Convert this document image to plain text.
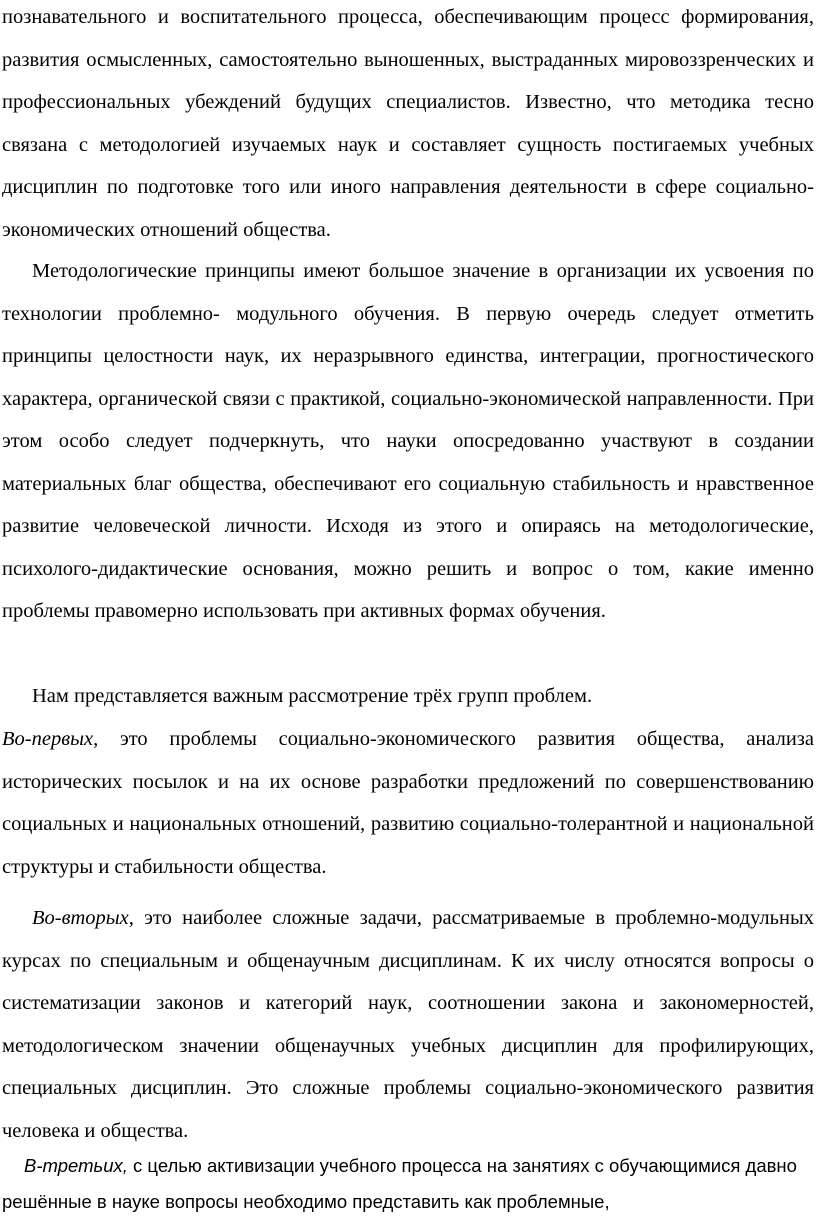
познавательного и воспитательного процесса, обеспечивающим процесс формирования, развития осмысленных, самостоятельно выношенных, выстраданных мировоззренческих и профессиональных убеждений будущих специалистов. Известно, что методика тесно связана с методологией изучаемых наук и составляет сущность постигаемых учебных дисциплин по подготовке того или иного направления деятельности в сфере социально-экономических отношений общества.

Методологические принципы имеют большое значение в организации их усвоения по технологии проблемно- модульного обучения. В первую очередь следует отметить принципы целостности наук, их неразрывного единства, интеграции, прогностического характера, органической связи с практикой, социально-экономической направленности. При этом особо следует подчеркнуть, что науки опосредованно участвуют в создании материальных благ общества, обеспечивают его социальную стабильность и нравственное развитие человеческой личности. Исходя из этого и опираясь на методологические, психолого-дидактические основания, можно решить и вопрос о том, какие именно проблемы правомерно использовать при активных формах обучения.

Нам представляется важным рассмотрение трёх групп проблем.

Во-первых, это проблемы социально-экономического развития общества, анализа исторических посылок и на их основе разработки предложений по совершенствованию социальных и национальных отношений, развитию социально-толерантной и национальной структуры и стабильности общества.

Во-вторых, это наиболее сложные задачи, рассматриваемые в проблемно-модульных курсах по специальным и общенаучным дисциплинам. К их числу относятся вопросы о систематизации законов и категорий наук, соотношении закона и закономерностей, методологическом значении общенаучных учебных дисциплин для профилирующих, специальных дисциплин. Это сложные проблемы социально-экономического развития человека и общества.

В-третьих, с целью активизации учебного процесса на занятиях с обучающимися давно решённые в науке вопросы необходимо представить как проблемные,
